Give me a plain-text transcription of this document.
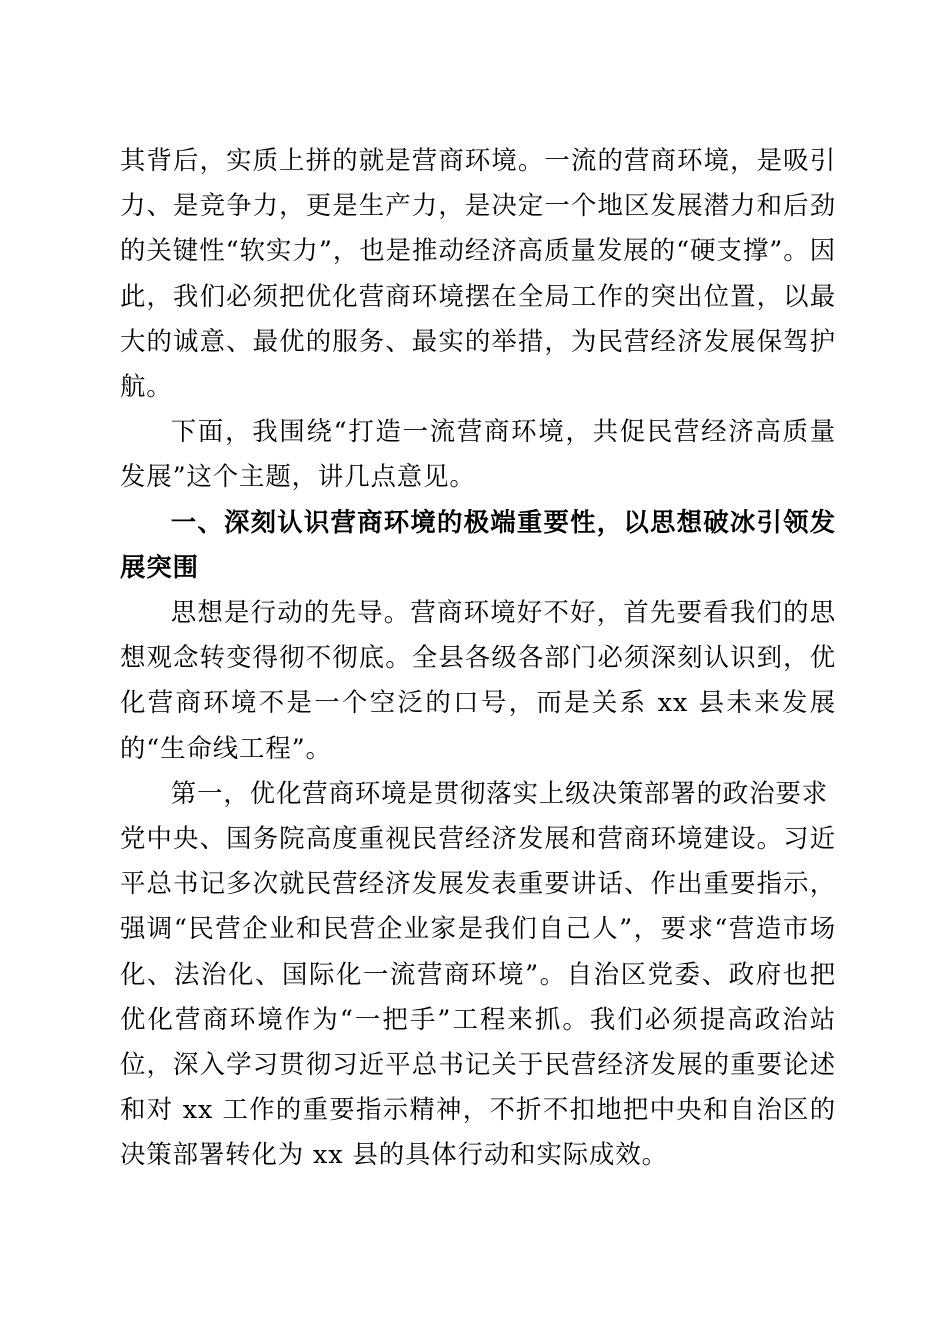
其背后，实质上拼的就是营商环境。一流的营商环境，是吸引力、是竞争力，更是生产力，是决定一个地区发展潜力和后劲的关键性“软实力”，也是推动经济高质量发展的“硬支撑”。因此，我们必须把优化营商环境摆在全局工作的突出位置，以最大的诚意、最优的服务、最实的举措，为民营经济发展保驾护航。

下面，我围绕“打造一流营商环境，共促民营经济高质量发展”这个主题，讲几点意见。

一、深刻认识营商环境的极端重要性，以思想破冰引领发展突围

思想是行动的先导。营商环境好不好，首先要看我们的思想观念转变得彻不彻底。全县各级各部门必须深刻认识到，优化营商环境不是一个空泛的口号，而是关系 xx 县未来发展的“生命线工程”。

第一，优化营商环境是贯彻落实上级决策部署的政治要求

党中央、国务院高度重视民营经济发展和营商环境建设。习近平总书记多次就民营经济发展发表重要讲话、作出重要指示，强调“民营企业和民营企业家是我们自己人”，要求“营造市场化、法治化、国际化一流营商环境”。自治区党委、政府也把优化营商环境作为“一把手”工程来抓。我们必须提高政治站位，深入学习贯彻习近平总书记关于民营经济发展的重要论述和对 xx 工作的重要指示精神，不折不扣地把中央和自治区的决策部署转化为 xx 县的具体行动和实际成效。
